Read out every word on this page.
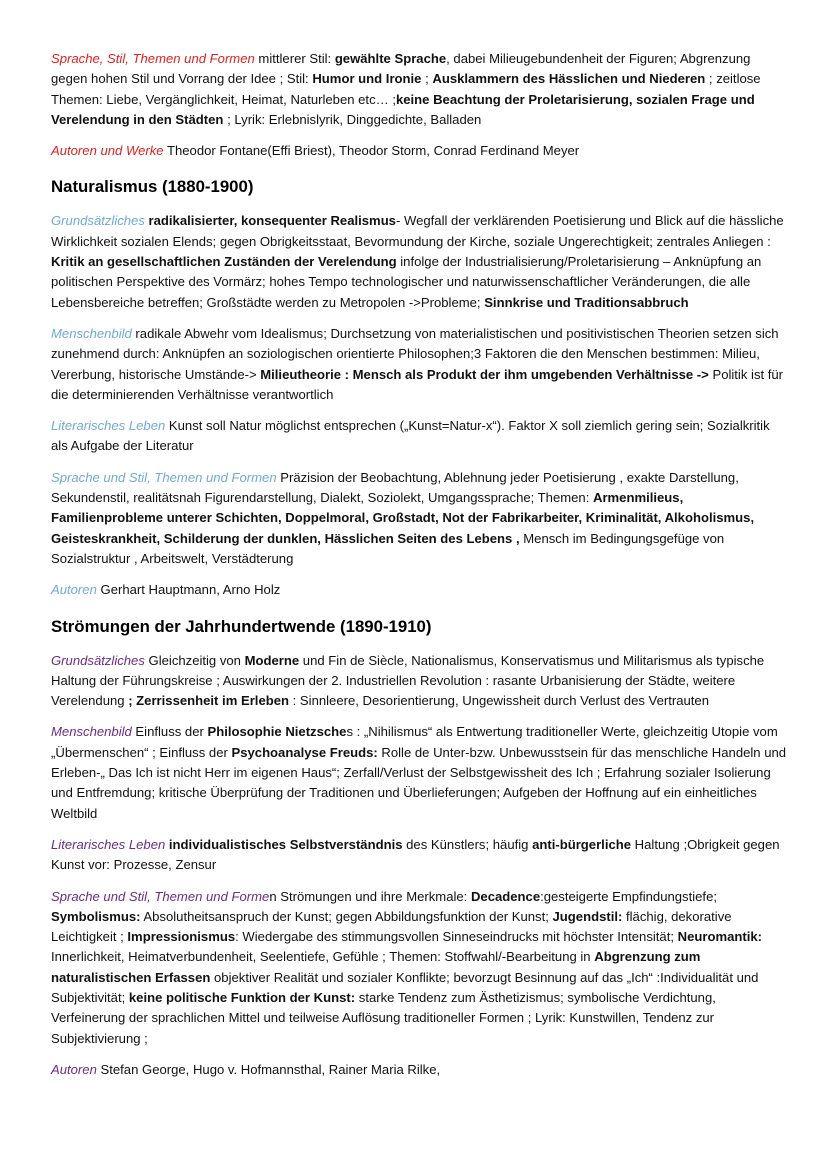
Sprache, Stil, Themen und Formen mittlerer Stil: gewählte Sprache, dabei Milieugebundenheit der Figuren; Abgrenzung gegen hohen Stil und Vorrang der Idee ; Stil: Humor und Ironie ; Ausklammern des Hässlichen und Niederen ; zeitlose Themen: Liebe, Vergänglichkeit, Heimat, Naturleben etc… ;keine Beachtung der Proletarisierung, sozialen Frage und Verelendung in den Städten ; Lyrik: Erlebnislyrik, Dinggedichte, Balladen

Autoren und Werke Theodor Fontane(Effi Briest), Theodor Storm, Conrad Ferdinand Meyer

Naturalismus (1880-1900)

Grundsätzliches radikalisierter, konsequenter Realismus- Wegfall der verklärenden Poetisierung und Blick auf die hässliche Wirklichkeit sozialen Elends; gegen Obrigkeitsstaat, Bevormundung der Kirche, soziale Ungerechtigkeit; zentrales Anliegen : Kritik an gesellschaftlichen Zuständen der Verelendung infolge der Industrialisierung/Proletarisierung – Anknüpfung an politischen Perspektive des Vormärz; hohes Tempo technologischer und naturwissenschaftlicher Veränderungen, die alle Lebensbereiche betreffen; Großstädte werden zu Metropolen ->Probleme; Sinnkrise und Traditionsabbruch

Menschenbild radikale Abwehr vom Idealismus; Durchsetzung von materialistischen und positivistischen Theorien setzen sich zunehmend durch: Anknüpfen an soziologischen orientierte Philosophen;3 Faktoren die den Menschen bestimmen: Milieu, Vererbung, historische Umstände-> Milieutheorie : Mensch als Produkt der ihm umgebenden Verhältnisse -> Politik ist für die determinierenden Verhältnisse verantwortlich

Literarisches Leben Kunst soll Natur möglichst entsprechen („Kunst=Natur-x“). Faktor X soll ziemlich gering sein; Sozialkritik als Aufgabe der Literatur

Sprache und Stil, Themen und Formen Präzision der Beobachtung, Ablehnung jeder Poetisierung , exakte Darstellung, Sekundenstil, realitätsnah Figurendarstellung, Dialekt, Soziolekt, Umgangssprache; Themen: Armenmilieus, Familienprobleme unterer Schichten, Doppelmoral, Großstadt, Not der Fabrikarbeiter, Kriminalität, Alkoholismus, Geisteskrankheit, Schilderung der dunklen, Hässlichen Seiten des Lebens , Mensch im Bedingungsgefüge von Sozialstruktur , Arbeitswelt, Verstädterung

Autoren Gerhart Hauptmann, Arno Holz

Strömungen der Jahrhundertwende (1890-1910)

Grundsätzliches Gleichzeitig von Moderne und Fin de Siècle, Nationalismus, Konservatismus und Militarismus als typische Haltung der Führungskreise ; Auswirkungen der 2. Industriellen Revolution : rasante Urbanisierung der Städte, weitere Verelendung ; Zerrissenheit im Erleben : Sinnleere, Desorientierung, Ungewissheit durch Verlust des Vertrauten

Menschenbild Einfluss der Philosophie Nietzsches : „Nihilismus“ als Entwertung traditioneller Werte, gleichzeitig Utopie vom „Übermenschen“ ; Einfluss der Psychoanalyse Freuds: Rolle de Unter-bzw. Unbewusstsein für das menschliche Handeln und Erleben-„ Das Ich ist nicht Herr im eigenen Haus“; Zerfall/Verlust der Selbstgewissheit des Ich ; Erfahrung sozialer Isolierung und Entfremdung; kritische Überprüfung der Traditionen und Überlieferungen; Aufgeben der Hoffnung auf ein einheitliches Weltbild

Literarisches Leben individualistisches Selbstverständnis des Künstlers; häufig anti-bürgerliche Haltung ;Obrigkeit gegen Kunst vor: Prozesse, Zensur

Sprache und Stil, Themen und Formen Strömungen und ihre Merkmale: Decadence:gesteigerte Empfindungstiefe; Symbolismus: Absolutheitsanspruch der Kunst; gegen Abbildungsfunktion der Kunst; Jugendstil: flächig, dekorative Leichtigkeit ; Impressionismus: Wiedergabe des stimmungsvollen Sinneseindrucks mit höchster Intensität; Neuromantik: Innerlichkeit, Heimatverbundenheit, Seelentiefe, Gefühle ; Themen: Stoffwahl/-Bearbeitung in Abgrenzung zum naturalistischen Erfassen objektiver Realität und sozialer Konflikte; bevorzugt Besinnung auf das „Ich“ :Individualität und Subjektivität; keine politische Funktion der Kunst: starke Tendenz zum Ästhetizismus; symbolische Verdichtung, Verfeinerung der sprachlichen Mittel und teilweise Auflösung traditioneller Formen ; Lyrik: Kunstwillen, Tendenz zur Subjektivierung ;

Autoren Stefan George, Hugo v. Hofmannsthal, Rainer Maria Rilke,
